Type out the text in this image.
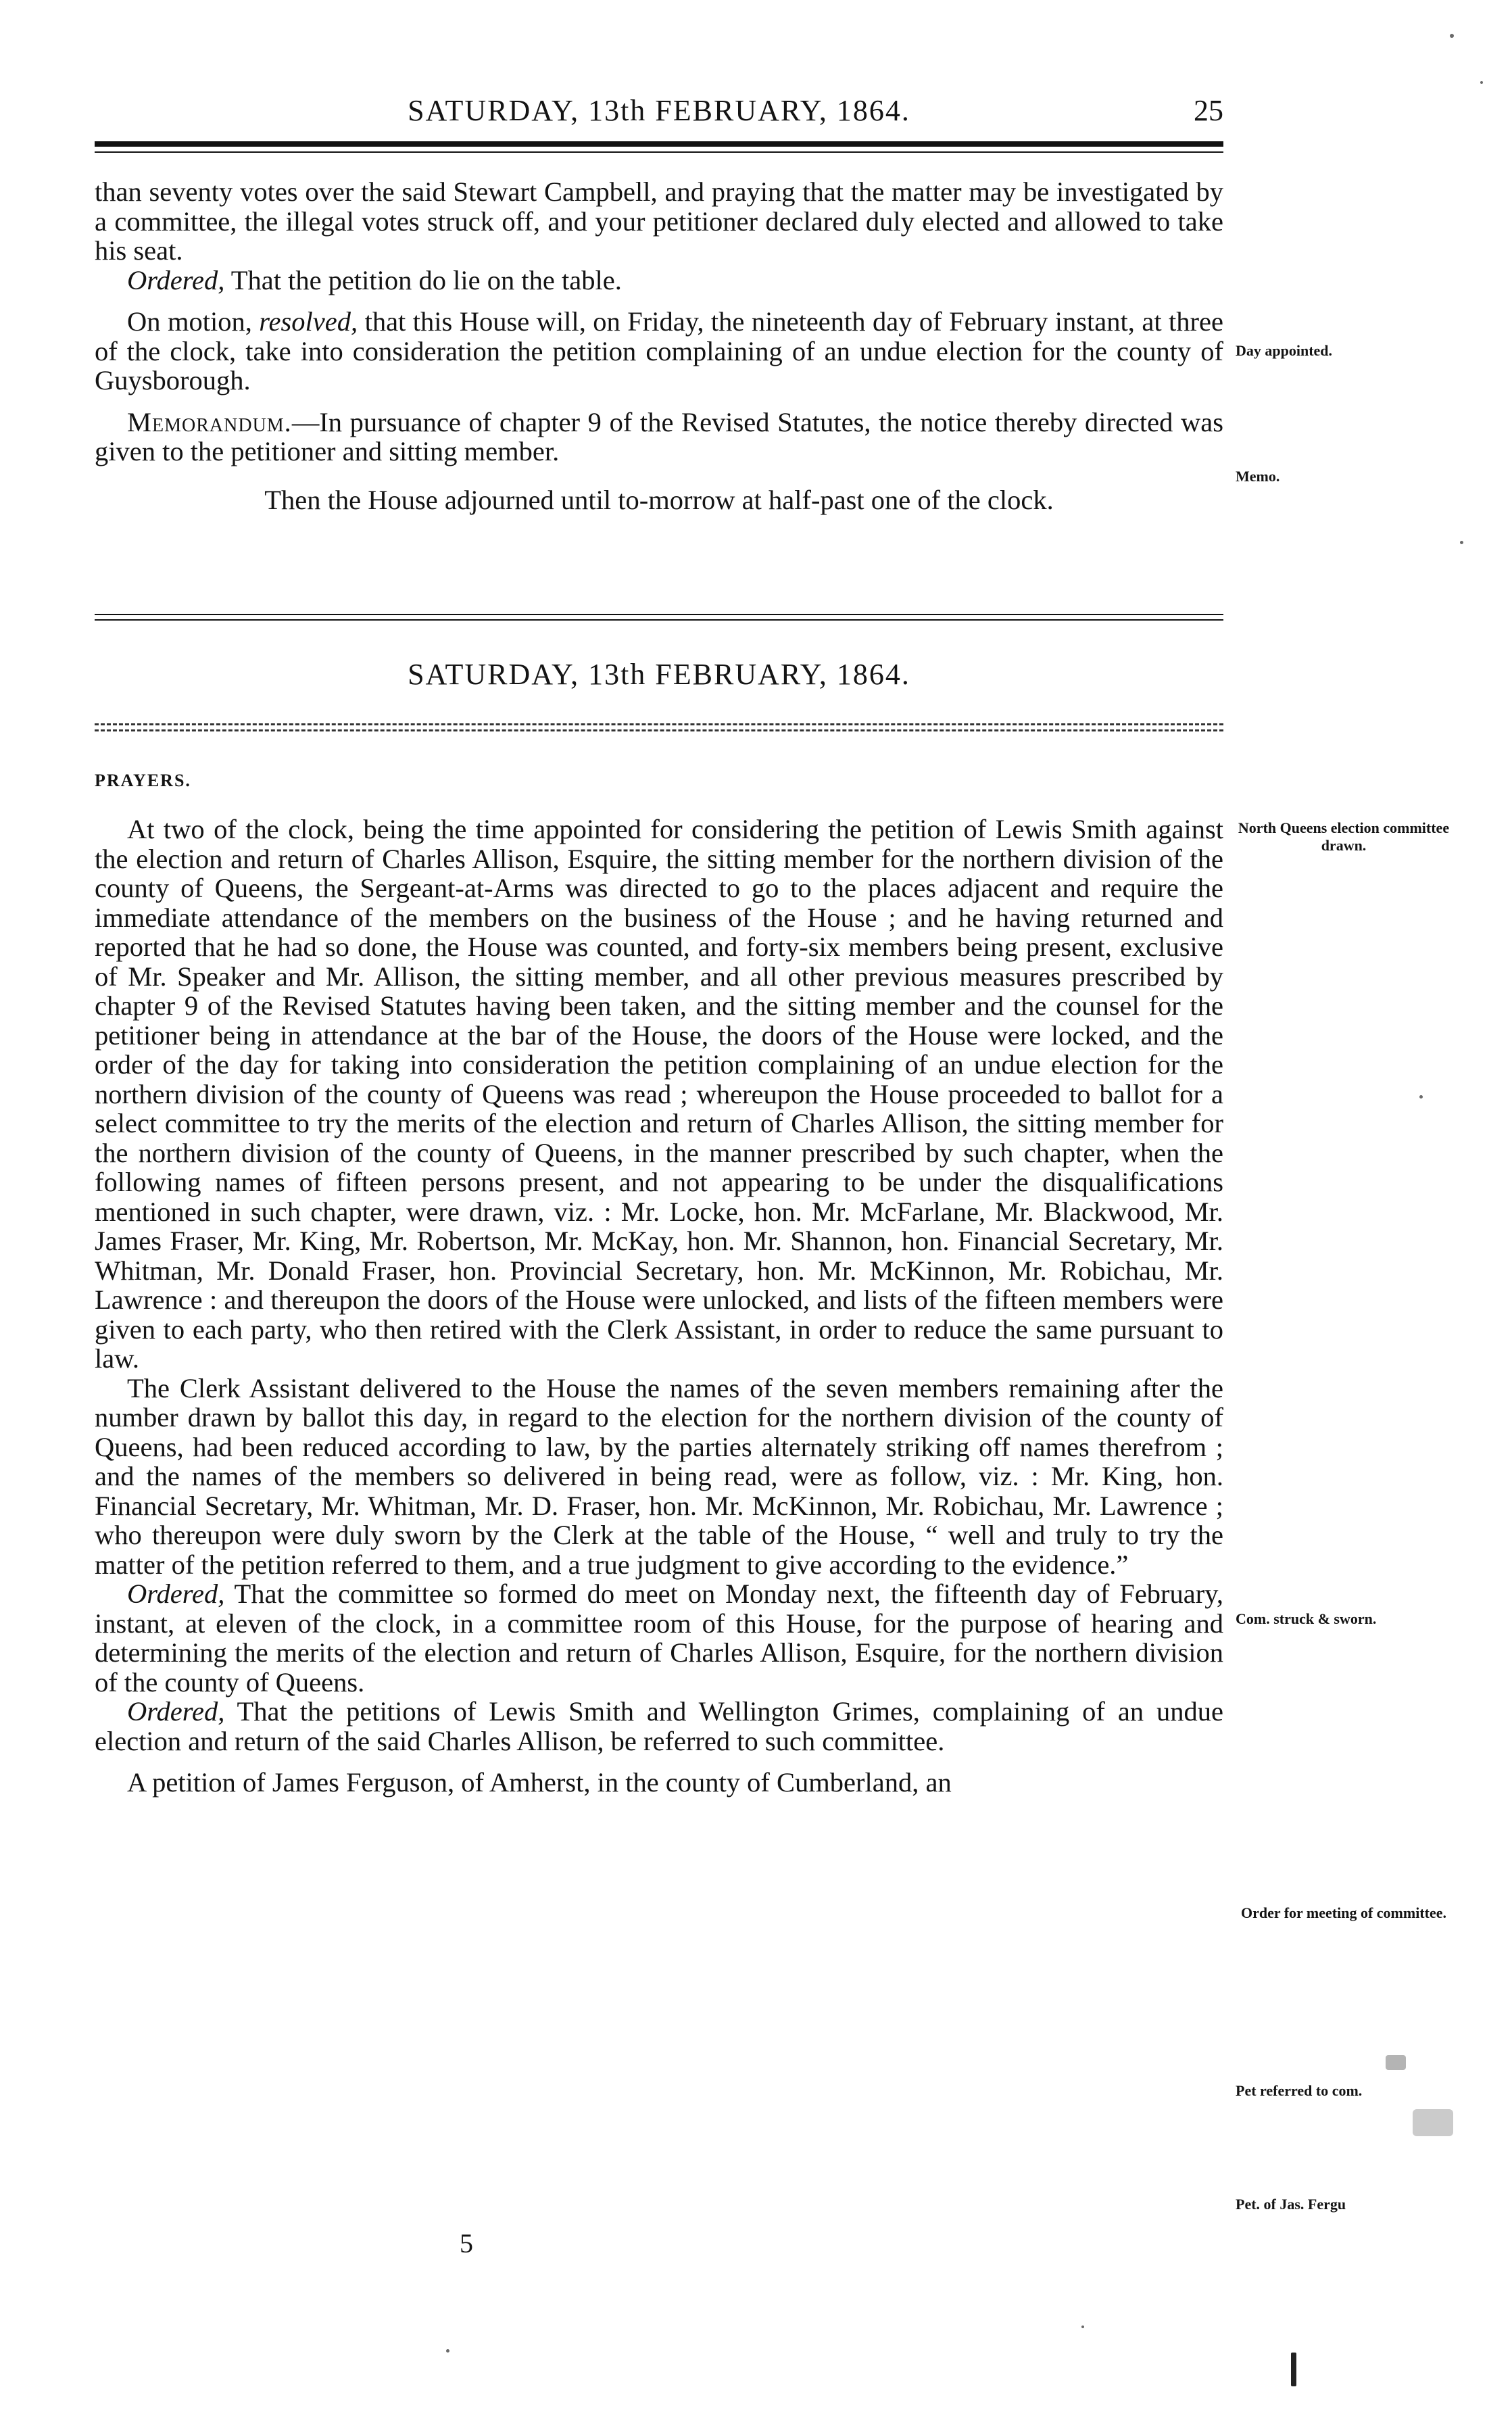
SATURDAY, 13th FEBRUARY, 1864.	25

than seventy votes over the said Stewart Campbell, and praying that the matter may be investigated by a committee, the illegal votes struck off, and your petitioner declared duly elected and allowed to take his seat.

Ordered, That the petition do lie on the table.

On motion, resolved, that this House will, on Friday, the nineteenth day of February instant, at three of the clock, take into consideration the petition complaining of an undue election for the county of Guysborough.

Memorandum.—In pursuance of chapter 9 of the Revised Statutes, the notice thereby directed was given to the petitioner and sitting member.

Then the House adjourned until to-morrow at half-past one of the clock.

SATURDAY, 13th FEBRUARY, 1864.
PRAYERS.

At two of the clock, being the time appointed for considering the petition of Lewis Smith against the election and return of Charles Allison, Esquire, the sitting member for the northern division of the county of Queens, the Sergeant-at-Arms was directed to go to the places adjacent and require the immediate attendance of the members on the business of the House ; and he having returned and reported that he had so done, the House was counted, and forty-six members being present, exclusive of Mr. Speaker and Mr. Allison, the sitting member, and all other previous measures prescribed by chapter 9 of the Revised Statutes having been taken, and the sitting member and the counsel for the petitioner being in attendance at the bar of the House, the doors of the House were locked, and the order of the day for taking into consideration the petition complaining of an undue election for the northern division of the county of Queens was read ; whereupon the House proceeded to ballot for a select committee to try the merits of the election and return of Charles Allison, the sitting member for the northern division of the county of Queens, in the manner prescribed by such chapter, when the following names of fifteen persons present, and not appearing to be under the disqualifications mentioned in such chapter, were drawn, viz. : Mr. Locke, hon. Mr. McFarlane, Mr. Blackwood, Mr. James Fraser, Mr. King, Mr. Robertson, Mr. McKay, hon. Mr. Shannon, hon. Financial Secretary, Mr. Whitman, Mr. Donald Fraser, hon. Provincial Secretary, hon. Mr. McKinnon, Mr. Robichau, Mr. Lawrence : and thereupon the doors of the House were unlocked, and lists of the fifteen members were given to each party, who then retired with the Clerk Assistant, in order to reduce the same pursuant to law.

The Clerk Assistant delivered to the House the names of the seven members remaining after the number drawn by ballot this day, in regard to the election for the northern division of the county of Queens, had been reduced according to law, by the parties alternately striking off names therefrom ; and the names of the members so delivered in being read, were as follow, viz. : Mr. King, hon. Financial Secretary, Mr. Whitman, Mr. D. Fraser, hon. Mr. McKinnon, Mr. Robichau, Mr. Lawrence ; who thereupon were duly sworn by the Clerk at the table of the House, “ well and truly to try the matter of the petition referred to them, and a true judgment to give according to the evidence.”

Ordered, That the committee so formed do meet on Monday next, the fifteenth day of February, instant, at eleven of the clock, in a committee room of this House, for the purpose of hearing and determining the merits of the election and return of Charles Allison, Esquire, for the northern division of the county of Queens.

Ordered, That the petitions of Lewis Smith and Wellington Grimes, complaining of an undue election and return of the said Charles Allison, be referred to such committee.

A petition of James Ferguson, of Amherst, in the county of Cumberland, an

Day appointed.
Memo.
North Queens election committee drawn.
Com. struck & sworn.
Order for meeting of committee.
Pet referred to com.
Pet. of Jas. Fergu
5
